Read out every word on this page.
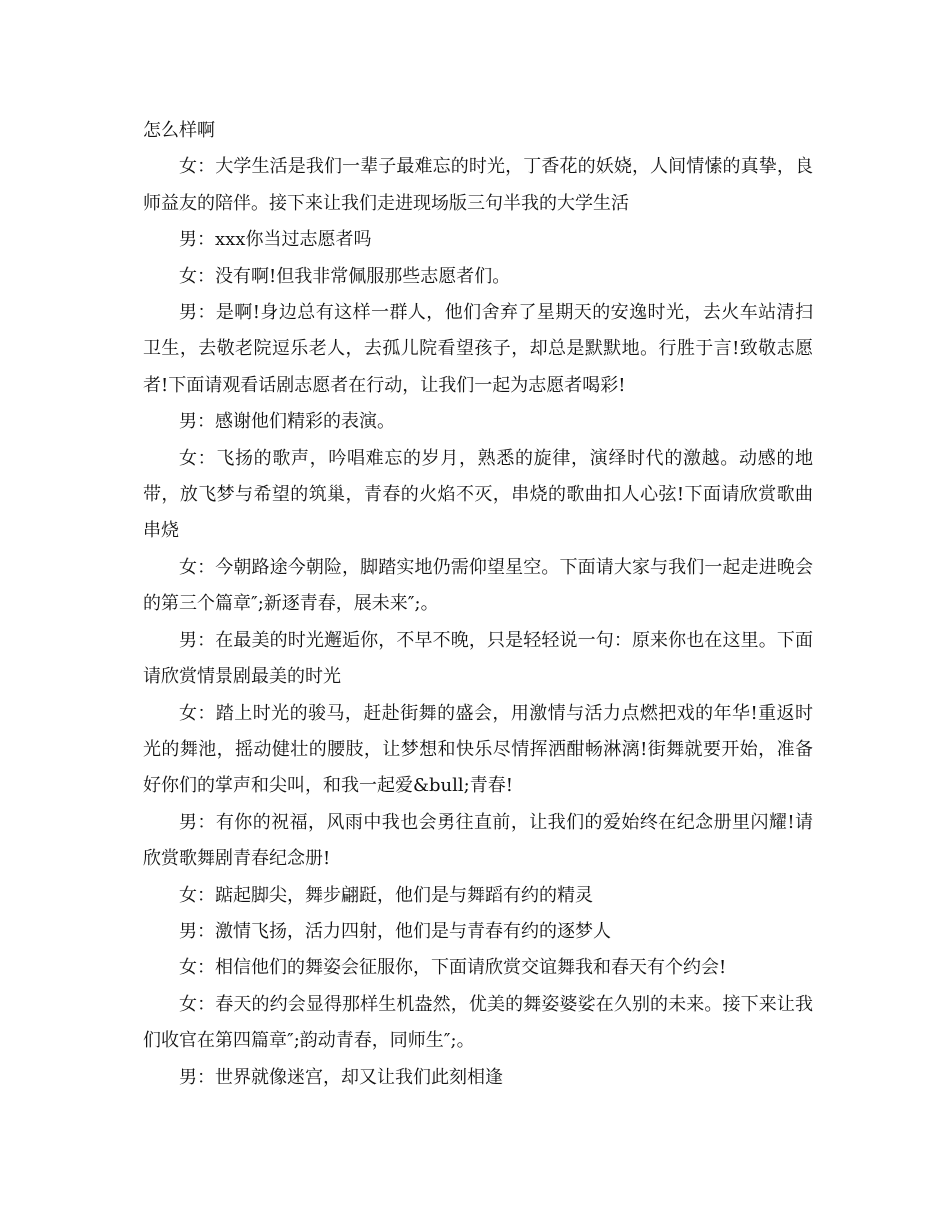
怎么样啊

女：大学生活是我们一辈子最难忘的时光，丁香花的妖娆，人间情愫的真挚，良师益友的陪伴。接下来让我们走进现场版三句半我的大学生活

男：xxx你当过志愿者吗

女：没有啊!但我非常佩服那些志愿者们。

男：是啊!身边总有这样一群人，他们舍弃了星期天的安逸时光，去火车站清扫卫生，去敬老院逗乐老人，去孤儿院看望孩子，却总是默默地。行胜于言!致敬志愿者!下面请观看话剧志愿者在行动，让我们一起为志愿者喝彩!

男：感谢他们精彩的表演。

女：飞扬的歌声，吟唱难忘的岁月，熟悉的旋律，演绎时代的激越。动感的地带，放飞梦与希望的筑巢，青春的火焰不灭，串烧的歌曲扣人心弦!下面请欣赏歌曲串烧

女：今朝路途今朝险，脚踏实地仍需仰望星空。下面请大家与我们一起走进晚会的第三个篇章″;新逐青春，展未来″;。

男：在最美的时光邂逅你，不早不晚，只是轻轻说一句：原来你也在这里。下面请欣赏情景剧最美的时光

女：踏上时光的骏马，赶赴街舞的盛会，用激情与活力点燃把戏的年华!重返时光的舞池，摇动健壮的腰肢，让梦想和快乐尽情挥洒酣畅淋漓!街舞就要开始，准备好你们的掌声和尖叫，和我一起爱&bull;青春!

男：有你的祝福，风雨中我也会勇往直前，让我们的爱始终在纪念册里闪耀!请欣赏歌舞剧青春纪念册!

女：踮起脚尖，舞步翩跹，他们是与舞蹈有约的精灵

男：激情飞扬，活力四射，他们是与青春有约的逐梦人

女：相信他们的舞姿会征服你，下面请欣赏交谊舞我和春天有个约会!

女：春天的约会显得那样生机盎然，优美的舞姿婆娑在久别的未来。接下来让我们收官在第四篇章″;韵动青春，同师生″;。

男：世界就像迷宫，却又让我们此刻相逢
